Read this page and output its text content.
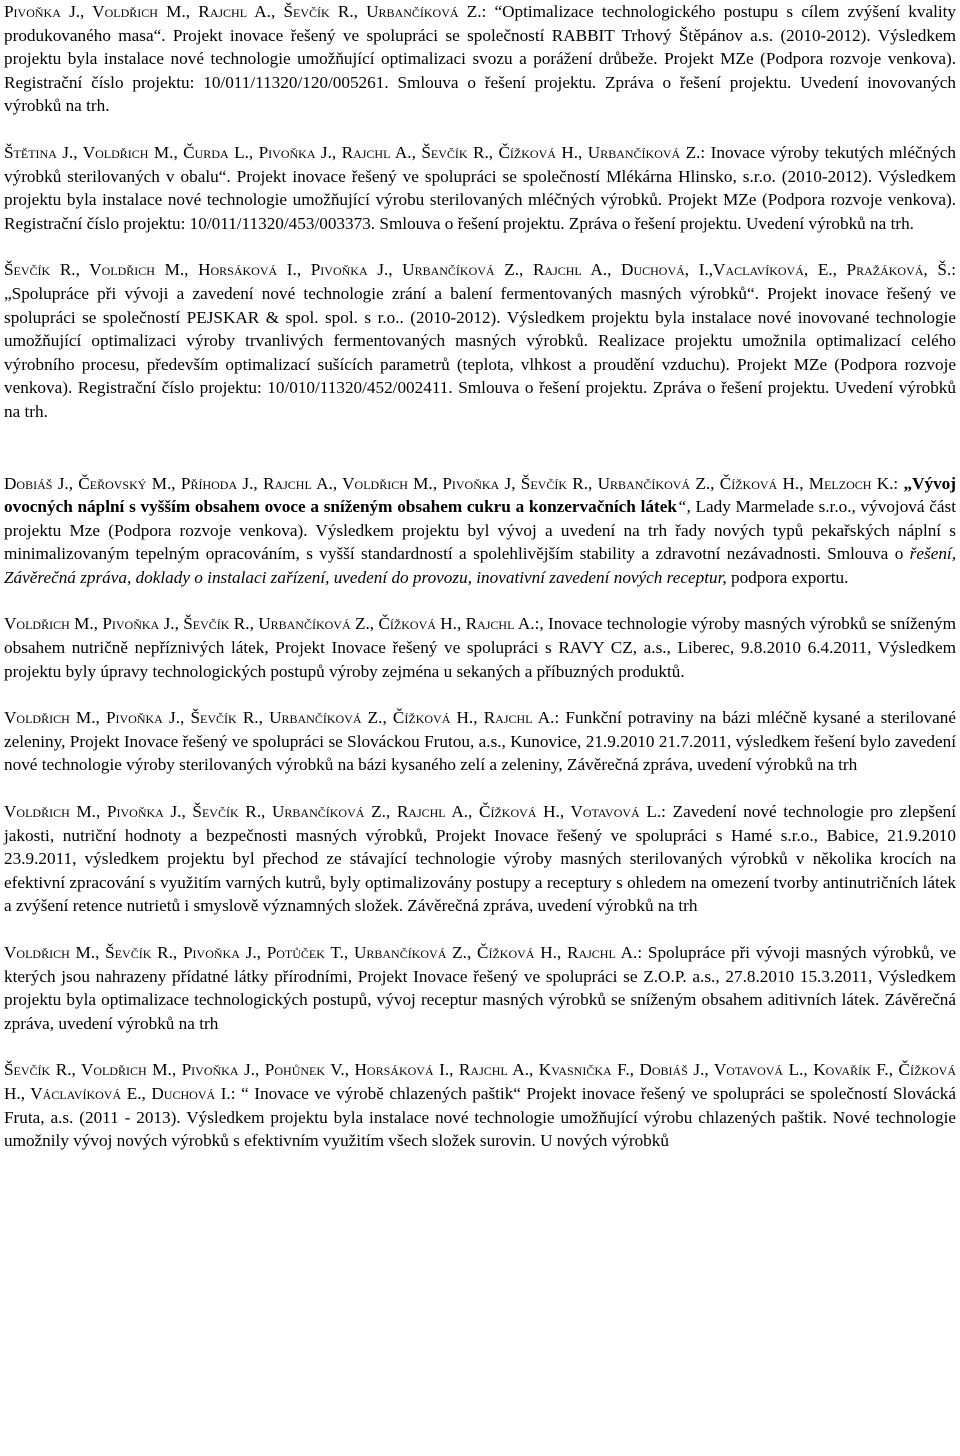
Pivoňka J., Voldřich M., Rajchl A., Ševčík R., Urbančíková Z.: “Optimalizace technologického postupu s cílem zvýšení kvality produkovaného masa“. Projekt inovace řešený ve spolupráci se společností RABBIT Trhový Štěpánov a.s. (2010-2012). Výsledkem projektu byla instalace nové technologie umožňující optimalizaci svozu a porážení drůbeže. Projekt MZe (Podpora rozvoje venkova). Registrační číslo projektu: 10/011/11320/120/005261. Smlouva o řešení projektu. Zpráva o řešení projektu. Uvedení inovovaných výrobků na trh.

Štětina J., Voldřich M., Čurda L., Pivoňka J., Rajchl A., Ševčík R., Čížková H., Urbančíková Z.: Inovace výroby tekutých mléčných výrobků sterilovaných v obalu“. Projekt inovace řešený ve spolupráci se společností Mlékárna Hlinsko, s.r.o. (2010-2012). Výsledkem projektu byla instalace nové technologie umožňující výrobu sterilovaných mléčných výrobků. Projekt MZe (Podpora rozvoje venkova). Registrační číslo projektu: 10/011/11320/453/003373. Smlouva o řešení projektu. Zpráva o řešení projektu. Uvedení výrobků na trh.

Ševčík R., Voldřich M., Horsáková I., Pivoňka J., Urbančíková Z., Rajchl A., Duchová, I.,Vaclavíková, E., Pražáková, Š.: „Spolupráce při vývoji a zavedení nové technologie zrání a balení fermentovaných masných výrobků“. Projekt inovace řešený ve spolupráci se společností PEJSKAR & spol. spol. s r.o.. (2010-2012). Výsledkem projektu byla instalace nové inovované technologie umožňující optimalizaci výroby trvanlivých fermentovaných masných výrobků. Realizace projektu umožnila optimalizací celého výrobního procesu, především optimalizací sušících parametrů (teplota, vlhkost a proudění vzduchu). Projekt MZe (Podpora rozvoje venkova). Registrační číslo projektu: 10/010/11320/452/002411. Smlouva o řešení projektu. Zpráva o řešení projektu. Uvedení výrobků na trh.

Dobiáš J., Čeřovský M., Příhoda J., Rajchl A., Voldřich M., Pivoňka J, Ševčík R., Urbančíková Z., Čížková H., Melzoch K.: „Vývoj ovocných náplní s vyšším obsahem ovoce a sníženým obsahem cukru a konzervačních látek“, Lady Marmelade s.r.o., vývojová část projektu Mze (Podpora rozvoje venkova). Výsledkem projektu byl vývoj a uvedení na trh řady nových typů pekařských náplní s minimalizovaným tepelným opracováním, s vyšší standardností a spolehlivějším stability a zdravotní nezávadnosti. Smlouva o řešení, Závěrečná zpráva, doklady o instalaci zařízení, uvedení do provozu, inovativní zavedení nových receptur, podpora exportu.

Voldřich M., Pivoňka J., Ševčík R., Urbančíková Z., Čížková H., Rajchl A.:, Inovace technologie výroby masných výrobků se sníženým obsahem nutričně nepříznivých látek, Projekt Inovace řešený ve spolupráci s RAVY CZ, a.s., Liberec, 9.8.2010 6.4.2011, Výsledkem projektu byly úpravy technologických postupů výroby zejména u sekaných a příbuzných produktů.

Voldřich M., Pivoňka J., Ševčík R., Urbančíková Z., Čížková H., Rajchl A.: Funkční potraviny na bázi mléčně kysané a sterilované zeleniny, Projekt Inovace řešený ve spolupráci se Slováckou Frutou, a.s., Kunovice, 21.9.2010 21.7.2011, výsledkem řešení bylo zavedení nové technologie výroby sterilovaných výrobků na bázi kysaného zelí a zeleniny, Závěrečná zpráva, uvedení výrobků na trh

Voldřich M., Pivoňka J., Ševčík R., Urbančíková Z., Rajchl A., Čížková H., Votavová L.: Zavedení nové technologie pro zlepšení jakosti, nutriční hodnoty a bezpečnosti masných výrobků, Projekt Inovace řešený ve spolupráci s Hamé s.r.o., Babice, 21.9.2010 23.9.2011, výsledkem projektu byl přechod ze stávající technologie výroby masných sterilovaných výrobků v několika krocích na efektivní zpracování s využitím varných kutrů, byly optimalizovány postupy a receptury s ohledem na omezení tvorby antinutričních látek a zvýšení retence nutrietů i smyslově významných složek. Závěrečná zpráva, uvedení výrobků na trh

Voldřich M., Ševčík R., Pivoňka J., Potůček T., Urbančíková Z., Čížková H., Rajchl A.: Spolupráce při vývoji masných výrobků, ve kterých jsou nahrazeny přídatné látky přírodními, Projekt Inovace řešený ve spolupráci se Z.O.P. a.s., 27.8.2010 15.3.2011, Výsledkem projektu byla optimalizace technologických postupů, vývoj receptur masných výrobků se sníženým obsahem aditivních látek. Závěrečná zpráva, uvedení výrobků na trh

Ševčík R., Voldřich M., Pivoňka J., Pohůnek V., Horsáková I., Rajchl A., Kvasnička F., Dobiáš J., Votavová L., Kovařík F., Čížková H., Václavíková E., Duchová I.: “ Inovace ve výrobě chlazených paštik“ Projekt inovace řešený ve spolupráci se společností Slovácká Fruta, a.s. (2011 - 2013). Výsledkem projektu byla instalace nové technologie umožňující výrobu chlazených paštik. Nové technologie umožnily vývoj nových výrobků s efektivním využitím všech složek surovin. U nových výrobků
